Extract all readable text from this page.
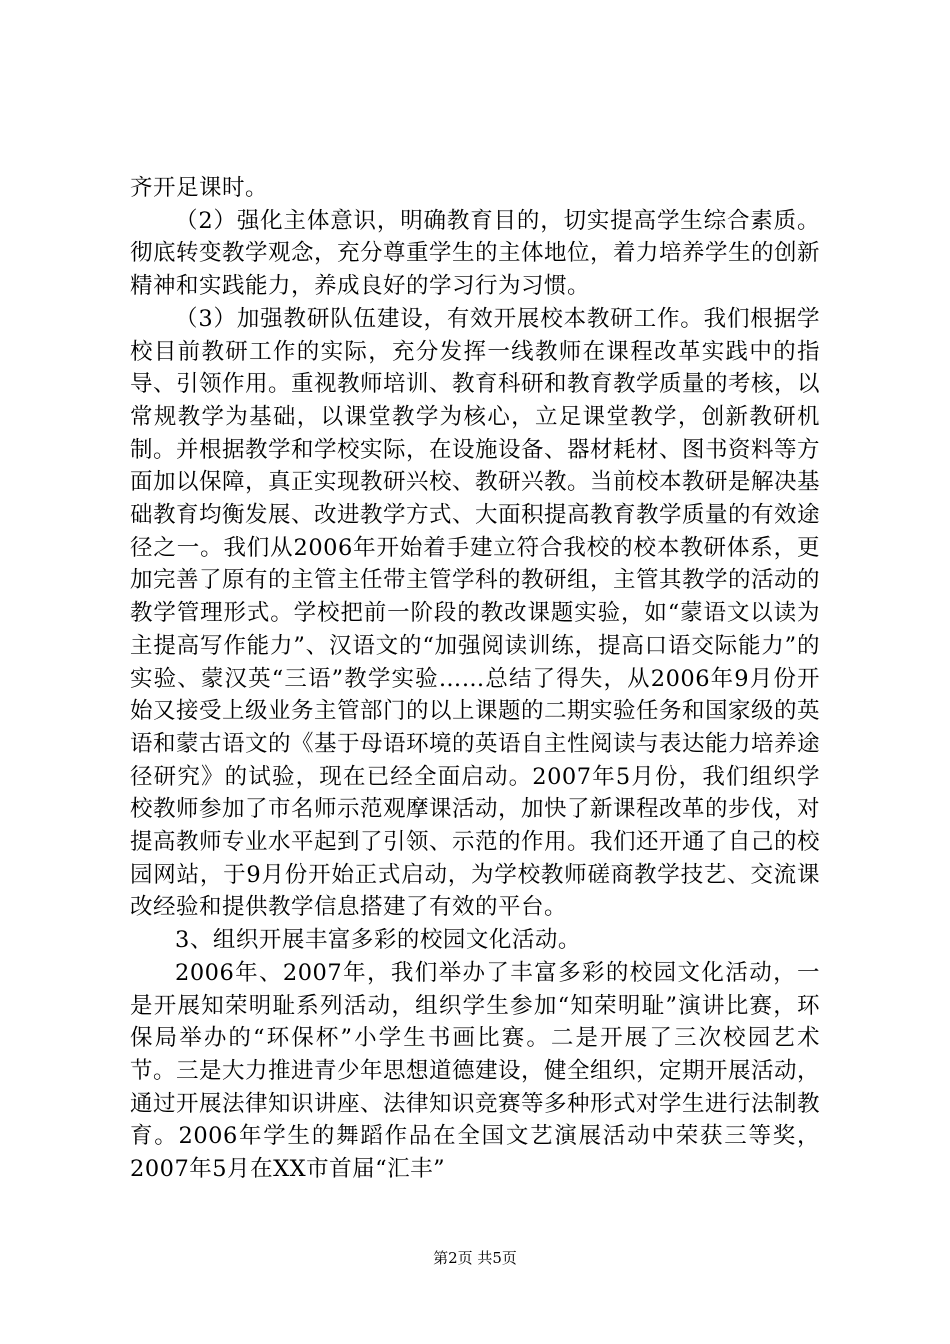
齐开足课时。

（2）强化主体意识，明确教育目的，切实提高学生综合素质。彻底转变教学观念，充分尊重学生的主体地位，着力培养学生的创新精神和实践能力，养成良好的学习行为习惯。

（3）加强教研队伍建设，有效开展校本教研工作。我们根据学校目前教研工作的实际，充分发挥一线教师在课程改革实践中的指导、引领作用。重视教师培训、教育科研和教育教学质量的考核，以常规教学为基础，以课堂教学为核心，立足课堂教学，创新教研机制。并根据教学和学校实际，在设施设备、器材耗材、图书资料等方面加以保障，真正实现教研兴校、教研兴教。当前校本教研是解决基础教育均衡发展、改进教学方式、大面积提高教育教学质量的有效途径之一。我们从2006年开始着手建立符合我校的校本教研体系，更加完善了原有的主管主任带主管学科的教研组，主管其教学的活动的教学管理形式。学校把前一阶段的教改课题实验，如“蒙语文以读为主提高写作能力”、汉语文的“加强阅读训练，提高口语交际能力”的实验、蒙汉英“三语”教学实验……总结了得失，从2006年9月份开始又接受上级业务主管部门的以上课题的二期实验任务和国家级的英语和蒙古语文的《基于母语环境的英语自主性阅读与表达能力培养途径研究》的试验，现在已经全面启动。2007年5月份，我们组织学校教师参加了市名师示范观摩课活动，加快了新课程改革的步伐，对提高教师专业水平起到了引领、示范的作用。我们还开通了自己的校园网站，于9月份开始正式启动，为学校教师磋商教学技艺、交流课改经验和提供教学信息搭建了有效的平台。

3、组织开展丰富多彩的校园文化活动。

2006年、2007年，我们举办了丰富多彩的校园文化活动，一是开展知荣明耻系列活动，组织学生参加“知荣明耻”演讲比赛，环保局举办的“环保杯”小学生书画比赛。二是开展了三次校园艺术节。三是大力推进青少年思想道德建设，健全组织，定期开展活动，通过开展法律知识讲座、法律知识竞赛等多种形式对学生进行法制教育。2006年学生的舞蹈作品在全国文艺演展活动中荣获三等奖，2007年5月在XX市首届“汇丰”

第2页 共5页
